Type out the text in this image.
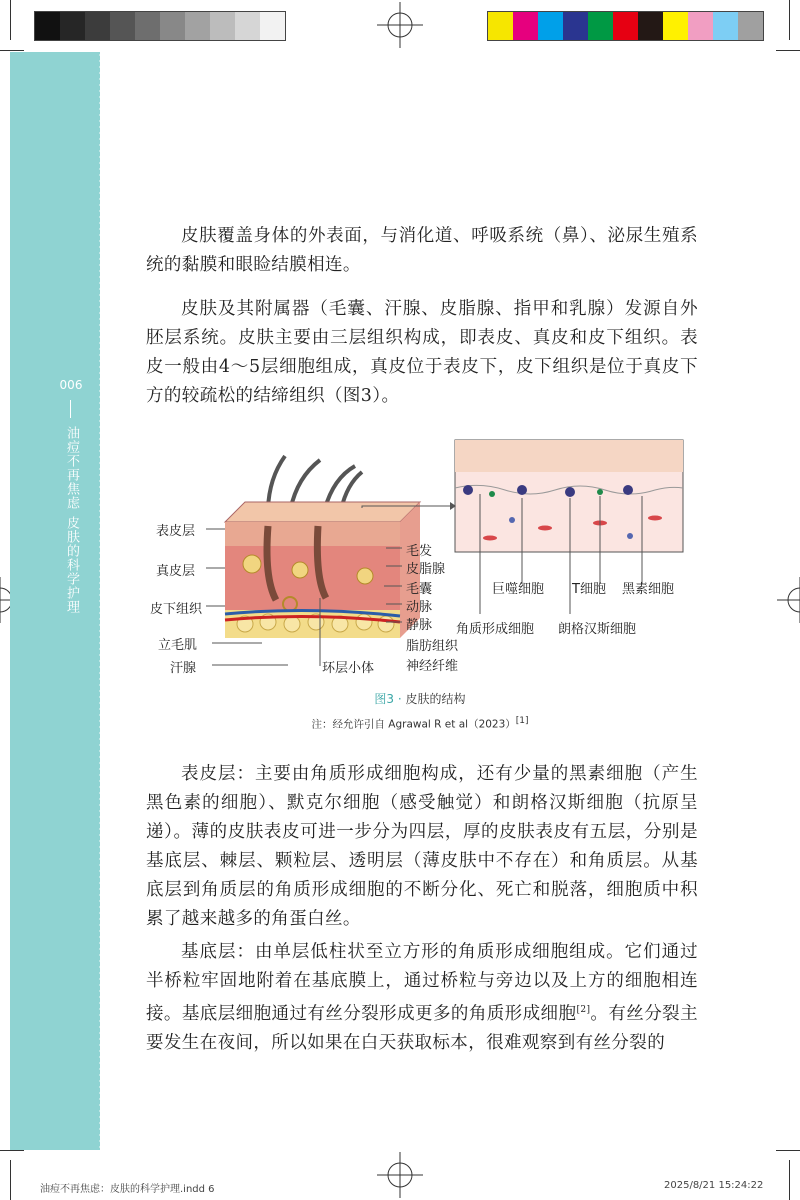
006
油痘不再焦虑
皮肤的科学护理

皮肤覆盖身体的外表面，与消化道、呼吸系统（鼻）、泌尿生殖系统的黏膜和眼睑结膜相连。

皮肤及其附属器（毛囊、汗腺、皮脂腺、指甲和乳腺）发源自外胚层系统。皮肤主要由三层组织构成，即表皮、真皮和皮下组织。表皮一般由4～5层细胞组成，真皮位于表皮下，皮下组织是位于真皮下方的较疏松的结缔组织（图3）。

表皮层
真皮层
皮下组织
立毛肌
汗腺
毛发
皮脂腺
毛囊
动脉
静脉
脂肪组织
神经纤维
环层小体
巨噬细胞 T细胞 黑素细胞
角质形成细胞 朗格汉斯细胞
图3 · 皮肤的结构
注：经允许引自 Agrawal R et al（2023）[1]

表皮层：主要由角质形成细胞构成，还有少量的黑素细胞（产生黑色素的细胞）、默克尔细胞（感受触觉）和朗格汉斯细胞（抗原呈递）。薄的皮肤表皮可进一步分为四层，厚的皮肤表皮有五层，分别是基底层、棘层、颗粒层、透明层（薄皮肤中不存在）和角质层。从基底层到角质层的角质形成细胞的不断分化、死亡和脱落，细胞质中积累了越来越多的角蛋白丝。

基底层：由单层低柱状至立方形的角质形成细胞组成。它们通过半桥粒牢固地附着在基底膜上，通过桥粒与旁边以及上方的细胞相连接。基底层细胞通过有丝分裂形成更多的角质形成细胞[2]。有丝分裂主要发生在夜间，所以如果在白天获取标本，很难观察到有丝分裂的

油痘不再焦虑：皮肤的科学护理.indd 6	2025/8/21 15:24:22
